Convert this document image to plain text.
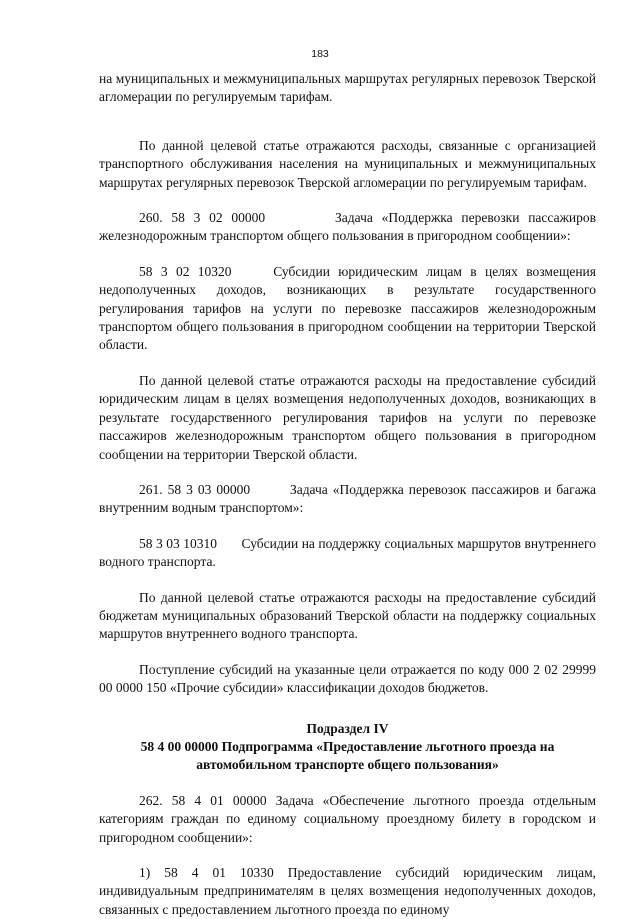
183

на муниципальных и межмуниципальных маршрутах регулярных перевозок Тверской агломерации по регулируемым тарифам.

По данной целевой статье отражаются расходы, связанные с организацией транспортного обслуживания населения на муниципальных и межмуниципальных маршрутах регулярных перевозок Тверской агломерации по регулируемым тарифам.

260. 58 3 02 00000        Задача «Поддержка перевозки пассажиров железнодорожным транспортом общего пользования в пригородном сообщении»:

58 3 02 10320     Субсидии юридическим лицам в целях возмещения недополученных доходов, возникающих в результате государственного регулирования тарифов на услуги по перевозке пассажиров железнодорожным транспортом общего пользования в пригородном сообщении на территории Тверской области.

По данной целевой статье отражаются расходы на предоставление субсидий юридическим лицам в целях возмещения недополученных доходов, возникающих в результате государственного регулирования тарифов на услуги по перевозке пассажиров железнодорожным транспортом общего пользования в пригородном сообщении на территории Тверской области.

261. 58 3 03 00000        Задача «Поддержка перевозок пассажиров и багажа внутренним водным транспортом»:

58 3 03 10310       Субсидии на поддержку социальных маршрутов внутреннего водного транспорта.

По данной целевой статье отражаются расходы на предоставление субсидий бюджетам муниципальных образований Тверской области на поддержку социальных маршрутов внутреннего водного транспорта.

Поступление субсидий на указанные цели отражается по коду 000 2 02 29999 00 0000 150 «Прочие субсидии» классификации доходов бюджетов.

Подраздел IV

58 4 00 00000 Подпрограмма «Предоставление льготного проезда на автомобильном транспорте общего пользования»

262. 58 4 01 00000 Задача «Обеспечение льготного проезда отдельным категориям граждан по единому социальному проездному билету в городском и пригородном сообщении»:

1) 58 4 01 10330 Предоставление субсидий юридическим лицам, индивидуальным предпринимателям в целях возмещения недополученных доходов, связанных с предоставлением льготного проезда по единому
